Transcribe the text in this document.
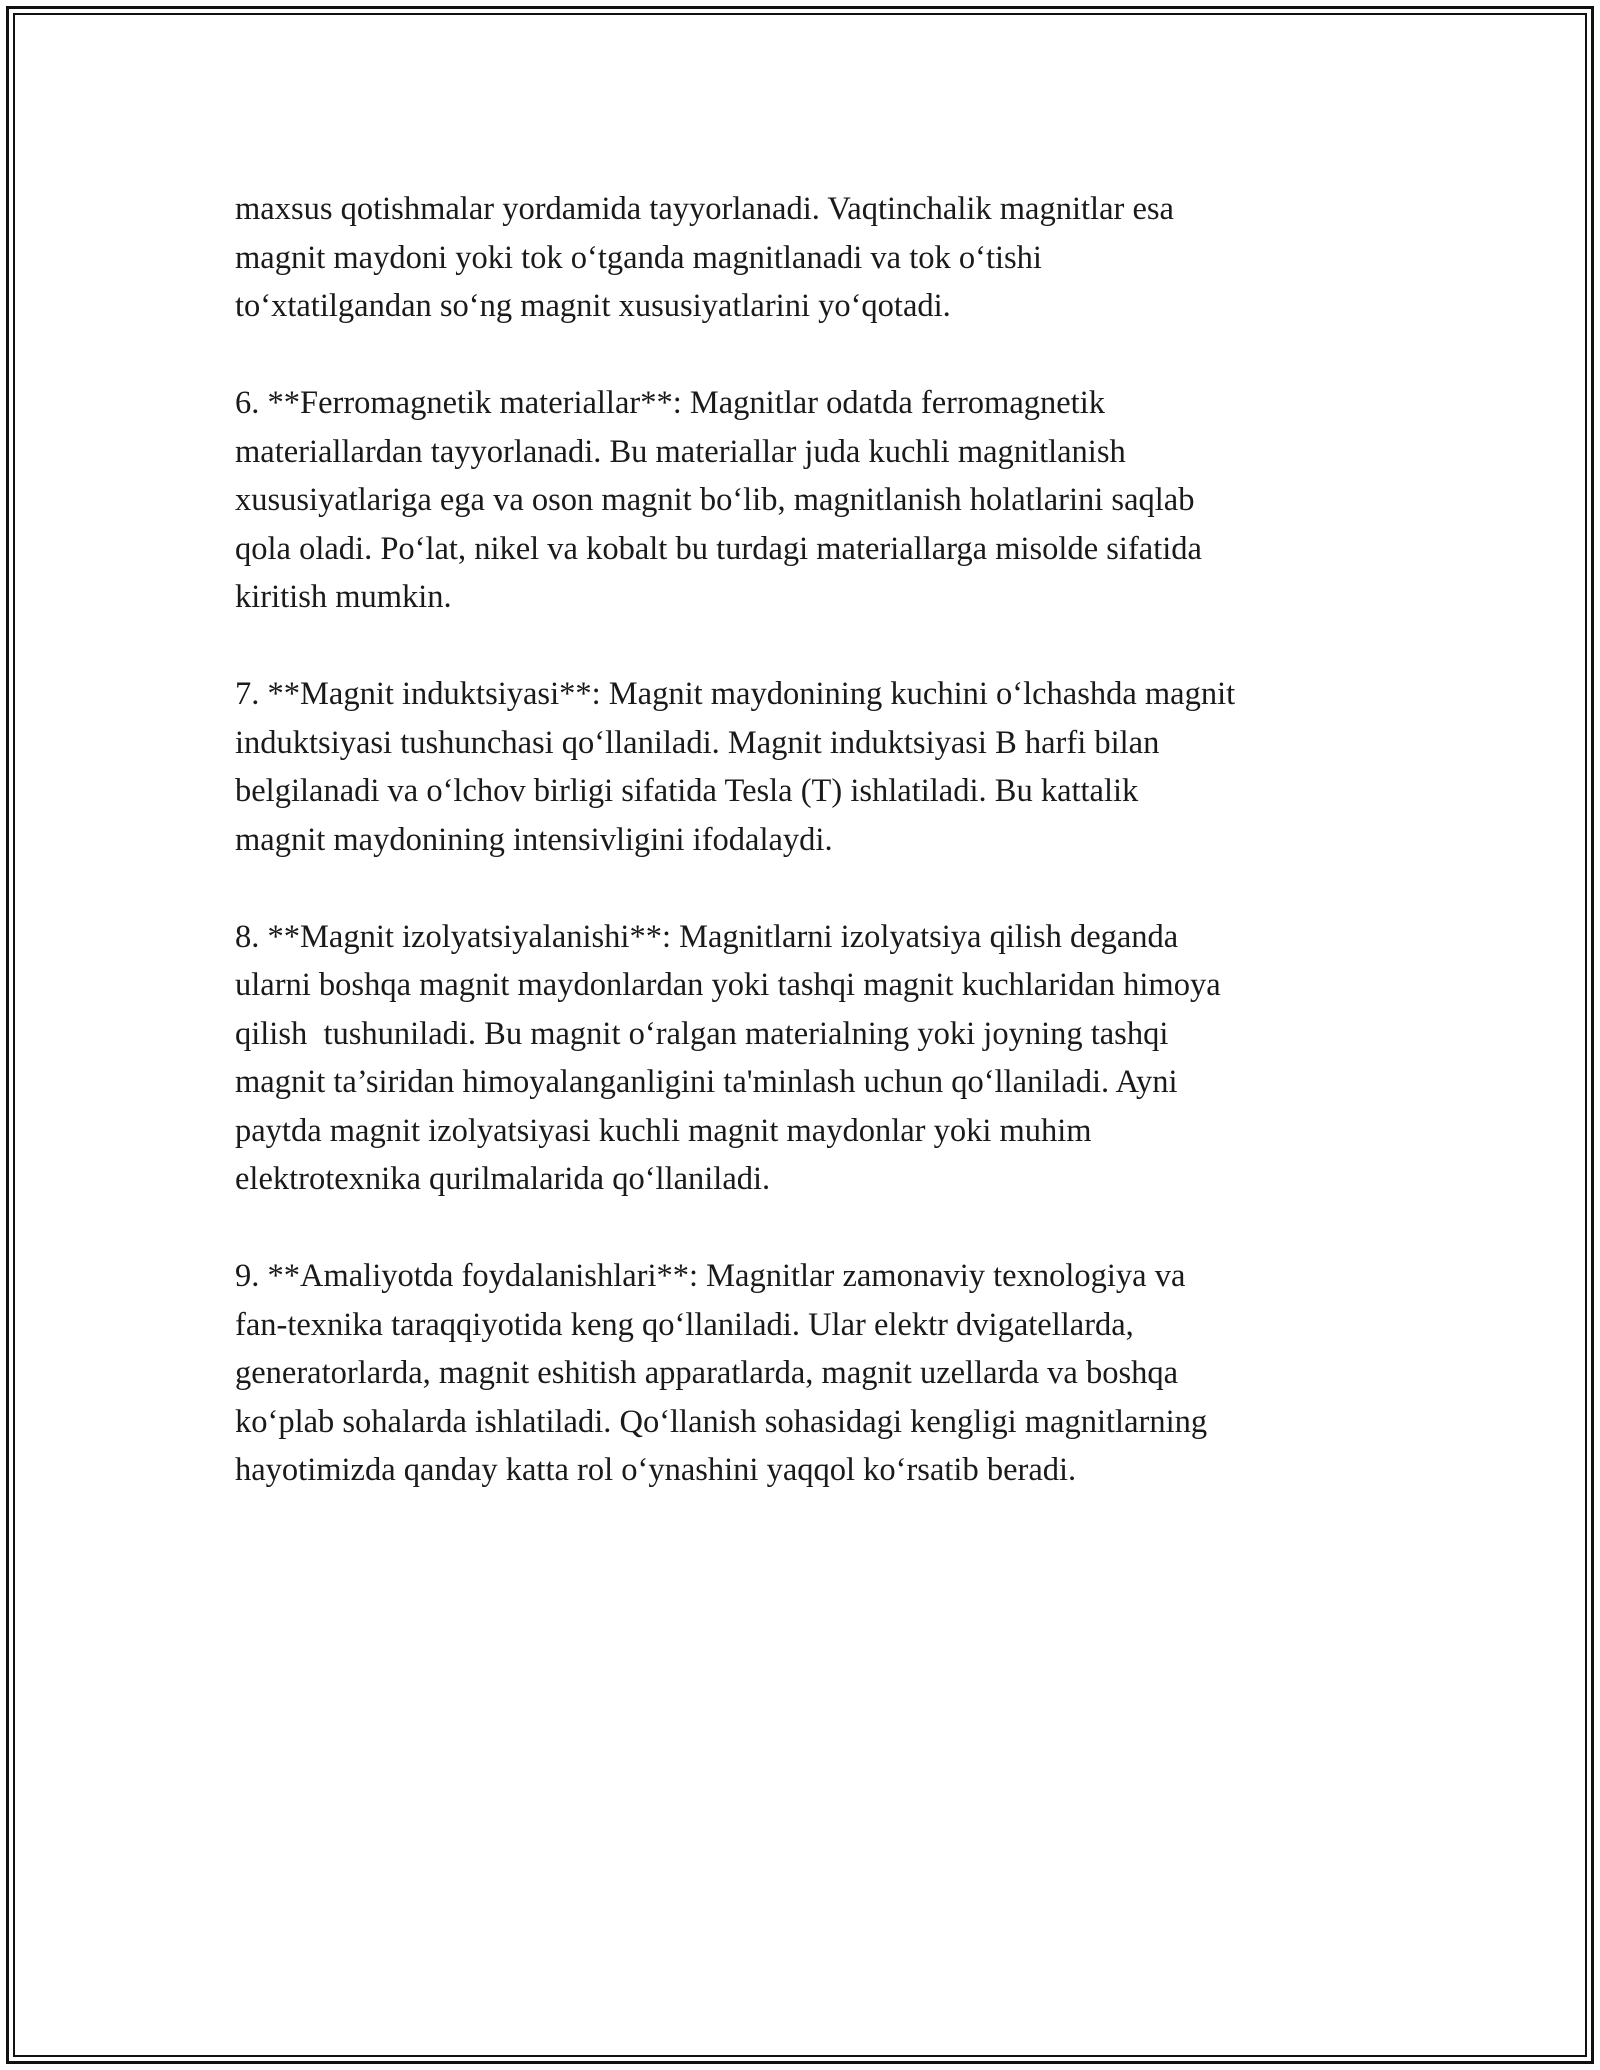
maxsus qotishmalar yordamida tayyorlanadi. Vaqtinchalik magnitlar esa
magnit maydoni yoki tok o‘tganda magnitlanadi va tok o‘tishi
to‘xtatilgandan so‘ng magnit xususiyatlarini yo‘qotadi.

6. **Ferromagnetik materiallar**: Magnitlar odatda ferromagnetik
materiallardan tayyorlanadi. Bu materiallar juda kuchli magnitlanish
xususiyatlariga ega va oson magnit bo‘lib, magnitlanish holatlarini saqlab
qola oladi. Po‘lat, nikel va kobalt bu turdagi materiallarga misolde sifatida
kiritish mumkin.

7. **Magnit induktsiyasi**: Magnit maydonining kuchini o‘lchashda magnit
induktsiyasi tushunchasi qo‘llaniladi. Magnit induktsiyasi B harfi bilan
belgilanadi va o‘lchov birligi sifatida Tesla (T) ishlatiladi. Bu kattalik
magnit maydonining intensivligini ifodalaydi.

8. **Magnit izolyatsiyalanishi**: Magnitlarni izolyatsiya qilish deganda
ularni boshqa magnit maydonlardan yoki tashqi magnit kuchlaridan himoya
qilish  tushuniladi. Bu magnit o‘ralgan materialning yoki joyning tashqi
magnit ta’siridan himoyalanganligini ta'minlash uchun qo‘llaniladi. Ayni
paytda magnit izolyatsiyasi kuchli magnit maydonlar yoki muhim
elektrotexnika qurilmalarida qo‘llaniladi.

9. **Amaliyotda foydalanishlari**: Magnitlar zamonaviy texnologiya va
fan-texnika taraqqiyotida keng qo‘llaniladi. Ular elektr dvigatellarda,
generatorlarda, magnit eshitish apparatlarda, magnit uzellarda va boshqa
ko‘plab sohalarda ishlatiladi. Qo‘llanish sohasidagi kengligi magnitlarning
hayotimizda qanday katta rol o‘ynashini yaqqol ko‘rsatib beradi.
